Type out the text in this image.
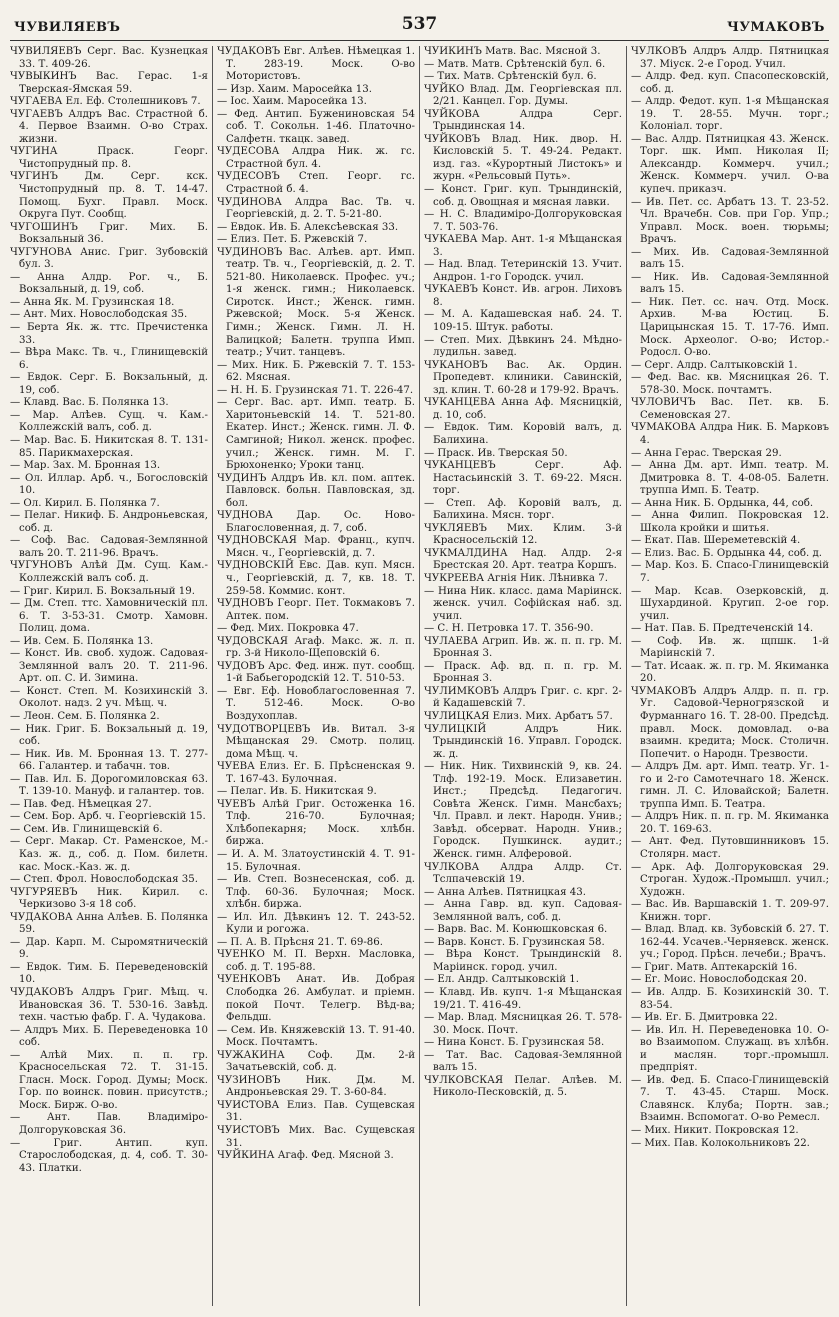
ЧУВИЛЯЕВЪ	537	ЧУМАКОВЪ

ЧУВИЛЯЕВЪ Серг. Вас. Кузнецкая 33. Т. 409-26.

ЧУВЫКИНЪ Вас. Герас. 1-я Тверская-Ямская 59.

ЧУГАЕВА Ел. Еф. Столешниковъ 7.

ЧУГАЕВЪ Алдръ Вас. Страстной б. 4. Первое Взаимн. О-во Страх. жизни.

ЧУГИНА Праск. Георг. Чистопрудный пр. 8.

ЧУГИНЪ Дм. Серг. кск. Чистопрудный пр. 8. Т. 14-47. Помощ. Бухг. Правл. Моск. Округа Пут. Сообщ.

ЧУГОШИНЪ Григ. Мих. Б. Вокзальный 36.

ЧУГУНОВА Анис. Григ. Зубовскій бул. 3.

— Анна Алдр. Рог. ч., Б. Вокзальный, д. 19, соб.

— Анна Як. М. Грузинская 18.

— Ант. Мих. Новослободская 35.

— Берта Як. ж. ттс. Пречистенка 33.

— Вѣра Макс. Тв. ч., Глинищевскій 6.

— Евдок. Серг. Б. Вокзальный, д. 19, соб.

— Клавд. Вас. Б. Полянка 13.

— Мар. Алѣев. Сущ. ч. Кам.-Коллежскій валъ, соб. д.

— Мар. Вас. Б. Никитская 8. Т. 131-85. Парикмахерская.

— Мар. Зах. М. Бронная 13.

— Ол. Иллар. Арб. ч., Богословскій 10.

— Ол. Кирил. Б. Полянка 7.

— Пелаг. Никиф. Б. Андроньевская, соб. д.

— Соф. Вас. Садовая-Землянной валъ 20. Т. 211-96. Врачъ.

ЧУГУНОВЪ Алѣй Дм. Сущ. Кам.-Коллежскій валъ соб. д.

— Григ. Кирил. Б. Вокзальный 19.

— Дм. Степ. ттс. Хамовническій пл. 6. Т. 3-53-31. Смотр. Хамовн. Полиц. дома.

— Ив. Сем. Б. Полянка 13.

— Конст. Ив. своб. худож. Садовая-Землянной валъ 20. Т. 211-96. Арт. оп. С. И. Зимина.

— Конст. Степ. М. Козихинскій 3. Околот. надз. 2 уч. Мѣщ. ч.

— Леон. Сем. Б. Полянка 2.

— Ник. Григ. Б. Вокзальный д. 19, соб.

— Ник. Ив. М. Бронная 13. Т. 277-66. Галантер. и табачн. тов.

— Пав. Ил. Б. Дорогомиловская 63. Т. 139-10. Мануф. и галантер. тов.

— Пав. Фед. Нѣмецкая 27.

— Сем. Бор. Арб. ч. Георгіевскій 15.

— Сем. Ив. Глинищевскій 6.

— Серг. Макар. Ст. Раменское, М.-Каз. ж. д., соб. д. Пом. билетн. кас. Моск.-Каз. ж. д.

— Степ. Фрол. Новослободская 35.

ЧУГУРЯЕВЪ Ник. Кирил. с. Черкизово 3-я 18 соб.

ЧУДАКОВА Анна Алѣев. Б. Полянка 59.

— Дар. Карп. М. Сыромятническій 9.

— Евдок. Тим. Б. Переведеновскій 10.

ЧУДАКОВЪ Алдръ Григ. Мѣщ. ч. Ивановская 36. Т. 530-16. Завѣд. техн. частью фабр. Г. А. Чудакова.

— Алдръ Мих. Б. Переведеновка 10 соб.

— Алѣй Мих. п. п. гр. Красносельская 72. Т. 31-15. Гласн. Моск. Город. Думы; Моск. Гор. по воинск. повин. присутств.; Моск. Бирж. О-во.

— Ант. Пав. Владиміро-Долгоруковская 36.

— Григ. Антип. куп. Старослободская, д. 4, соб. Т. 30-43. Платки.

ЧУДАКОВЪ Евг. Алѣев. Нѣмецкая 1. Т. 283-19. Моск. О-во Мотористовъ.

— Изр. Хаим. Маросейка 13.

— Іос. Хаим. Маросейка 13.

— Фед. Антип. Бужениновская 54 соб. Т. Сокольн. 1-46. Платочно-Салфетн. ткацк. завед.

ЧУДЕСОВА Алдра Ник. ж. гс. Страстной бул. 4.

ЧУДЕСОВЪ Степ. Георг. гс. Страстной б. 4.

ЧУДИНОВА Алдра Вас. Тв. ч. Георгіевскій, д. 2. Т. 5-21-80.

— Евдок. Ив. Б. Алексѣевская 33.

— Елиз. Пет. Б. Ржевскій 7.

ЧУДИНОВЪ Вас. Алѣев. арт. Имп. театр. Тв. ч., Георгіевскій, д. 2. Т. 521-80. Николаевск. Профес. уч.; 1-я женск. гимн.; Николаевск. Сиротск. Инст.; Женск. гимн. Ржевской; Моск. 5-я Женск. Гимн.; Женск. Гимн. Л. Н. Валицкой; Балетн. труппа Имп. театр.; Учит. танцевъ.

— Мих. Ник. Б. Ржевскій 7. Т. 153-62. Мясная.

— Н. Н. Б. Грузинская 71. Т. 226-47.

— Серг. Вас. арт. Имп. театр. Б. Харитоньевскій 14. Т. 521-80. Екатер. Инст.; Женск. гимн. Л. Ф. Самгиной; Никол. женск. профес. учил.; Женск. гимн. М. Г. Брюхоненко; Уроки танц.

ЧУДИНЪ Алдръ Ив. кл. пом. аптек. Павловск. больн. Павловская, зд. бол.

ЧУДНОВА Дар. Ос. Ново-Благословенная, д. 7, соб.

ЧУДНОВСКАЯ Мар. Франц., купч. Мясн. ч., Георгіевскій, д. 7.

ЧУДНОВСКІЙ Евс. Дав. куп. Мясн. ч., Георгіевскій, д. 7, кв. 18. Т. 259-58. Коммис. конт.

ЧУДНОВЪ Георг. Пет. Токмаковъ 7. Аптек. пом.

— Фед. Мих. Покровка 47.

ЧУДОВСКАЯ Агаф. Макс. ж. л. п. гр. 3-й Николо-Щеповскій 6.

ЧУДОВЪ Арс. Фед. инж. пут. сообщ. 1-й Бабьегородскій 12. Т. 510-53.

— Евг. Еф. Новоблагословенная 7. Т. 512-46. Моск. О-во Воздухоплав.

ЧУДОТВОРЦЕВЪ Ив. Витал. 3-я Мѣщанская 29. Смотр. полиц. дома Мѣщ. ч.

ЧУЕВА Елиз. Ег. Б. Прѣсненская 9. Т. 167-43. Булочная.

— Пелаг. Ив. Б. Никитская 9.

ЧУЕВЪ Алѣй Григ. Остоженка 16. Тлф. 216-70. Булочная; Хлѣбопекарня; Моск. хлѣбн. биржа.

— И. А. М. Златоустинскій 4. Т. 91-15. Булочная.

— Ив. Степ. Вознесенская, соб. д. Тлф. 60-36. Булочная; Моск. хлѣбн. биржа.

— Ил. Ил. Дѣвкинъ 12. Т. 243-52. Кули и рогожа.

— П. А. В. Прѣсня 21. Т. 69-86.

ЧУЕНКО М. П. Верхн. Масловка, соб. д. Т. 195-88.

ЧУЕНКОВЪ Анат. Ив. Добрая Слободка 26. Амбулат. и пріемн. покой Почт. Телегр. Вѣд-ва; Фельдш.

— Сем. Ив. Княжевскій 13. Т. 91-40. Моск. Почтамтъ.

ЧУЖАКИНА Соф. Дм. 2-й Зачатьевскій, соб. д.

ЧУЗИНОВЪ Ник. Дм. М. Андроньевская 29. Т. 3-60-84.

ЧУИСТОВА Елиз. Пав. Сущевская 31.

ЧУИСТОВЪ Мих. Вас. Сущевская 31.

ЧУЙКИНА Агаф. Фед. Мясной 3.

ЧУЙКИНЪ Матв. Вас. Мясной 3.

— Матв. Матв. Срѣтенскій бул. 6.

— Тих. Матв. Срѣтенскій бул. 6.

ЧУЙКО Влад. Дм. Георгіевская пл. 2/21. Канцел. Гор. Думы.

ЧУЙКОВА Алдра Серг. Трындинская 14.

ЧУЙКОВЪ Влад. Ник. двор. Н. Кисловскій 5. Т. 49-24. Редакт. изд. газ. «Курортный Листокъ» и журн. «Рельсовый Путь».

— Конст. Григ. куп. Трындинскій, соб. д. Овощная и мясная лавки.

— Н. С. Владиміро-Долгоруковская 7. Т. 503-76.

ЧУКАЕВА Мар. Ант. 1-я Мѣщанская 3.

— Над. Влад. Тетеринскій 13. Учит. Андрон. 1-го Городск. учил.

ЧУКАЕВЪ Конст. Ив. агрон. Лиховъ 8.

— М. А. Кадашевская наб. 24. Т. 109-15. Штук. работы.

— Степ. Мих. Дѣвкинъ 24. Мѣдно-лудильн. завед.

ЧУКАНОВЪ Вас. Ак. Ордин. Пропедевт. клиники. Савинскій, зд. клин. Т. 60-28 и 179-92. Врачъ.

ЧУКАНЦЕВА Анна Аф. Мясницкій, д. 10, соб.

— Евдок. Тим. Коровій валъ, д. Балихина.

— Праск. Ив. Тверская 50.

ЧУКАНЦЕВЪ Серг. Аф. Настасьинскій 3. Т. 69-22. Мясн. торг.

— Степ. Аф. Коровій валъ, д. Балихина. Мясн. торг.

ЧУКЛЯЕВЪ Мих. Клим. 3-й Красносельскій 12.

ЧУКМАЛДИНА Над. Алдр. 2-я Брестская 20. Арт. театра Коршъ.

ЧУКРЕЕВА Агнія Ник. Лѣнивка 7.

— Нина Ник. класс. дама Маріинск. женск. учил. Софійская наб. зд. учил.

— С. Н. Петровка 17. Т. 356-90.

ЧУЛАЕВА Агрип. Ив. ж. п. п. гр. М. Бронная 3.

— Праск. Аф. вд. п. п. гр. М. Бронная 3.

ЧУЛИМКОВЪ Алдръ Григ. с. крг. 2-й Кадашевскій 7.

ЧУЛИЦКАЯ Елиз. Мих. Арбатъ 57.

ЧУЛИЦКІЙ Алдръ Ник. Трындинскій 16. Управл. Городск. ж. д.

— Ник. Ник. Тихвинскій 9, кв. 24. Тлф. 192-19. Моск. Елизаветин. Инст.; Предсѣд. Педагогич. Совѣта Женск. Гимн. Мансбахъ; Чл. Правл. и лект. Народн. Унив.; Завѣд. обсерват. Народн. Унив.; Городск. Пушкинск. аудит.; Женск. гимн. Алферовой.

ЧУЛКОВА Алдра Алдр. Ст. Тслпачевскій 19.

— Анна Алѣев. Пятницкая 43.

— Анна Гавр. вд. куп. Садовая-Землянной валъ, соб. д.

— Варв. Вас. М. Конюшковская 6.

— Варв. Конст. Б. Грузинская 58.

— Вѣра Конст. Трындинскій 8. Маріинск. город. учил.

— Ел. Андр. Салтыковскій 1.

— Клавд. Ив. купч. 1-я Мѣщанская 19/21. Т. 416-49.

— Мар. Влад. Мясницкая 26. Т. 578-30. Моск. Почт.

— Нина Конст. Б. Грузинская 58.

— Тат. Вас. Садовая-Землянной валъ 15.

ЧУЛКОВСКАЯ Пелаг. Алѣев. М. Николо-Песковскій, д. 5.

ЧУЛКОВЪ Алдръ Алдр. Пятницкая 37. Міуск. 2-е Город. Учил.

— Алдр. Фед. куп. Спасопесковскій, соб. д.

— Алдр. Федот. куп. 1-я Мѣщанская 19. Т. 28-55. Мучн. торг.; Колоніал. торг.

— Вас. Алдр. Пятницкая 43. Женск. Торг. шк. Имп. Николая II; Александр. Коммерч. учил.; Женск. Коммерч. учил. О-ва купеч. приказч.

— Ив. Пет. сс. Арбатъ 13. Т. 23-52. Чл. Врачебн. Сов. при Гор. Упр.; Управл. Моск. воен. тюрьмы; Врачъ.

— Мих. Ив. Садовая-Землянной валъ 15.

— Ник. Ив. Садовая-Землянной валъ 15.

— Ник. Пет. сс. нач. Отд. Моск. Архив. М-ва Юстиц. Б. Царицынская 15. Т. 17-76. Имп. Моск. Археолог. О-во; Истор.-Родосл. О-во.

— Серг. Алдр. Салтыковскій 1.

— Фед. Вас. кв. Мясницкая 26. Т. 578-30. Моск. почтамтъ.

ЧУЛОВИЧЪ Вас. Пет. кв. Б. Семеновская 27.

ЧУМАКОВА Алдра Ник. Б. Марковъ 4.

— Анна Герас. Тверская 29.

— Анна Дм. арт. Имп. театр. М. Дмитровка 8. Т. 4-08-05. Балетн. труппа Имп. Б. Театр.

— Анна Ник. Б. Ордынка, 44, соб.

— Анна Филип. Покровская 12. Школа кройки и шитья.

— Екат. Пав. Шереметевскій 4.

— Елиз. Вас. Б. Ордынка 44, соб. д.

— Мар. Коз. Б. Спасо-Глинищевскій 7.

— Мар. Ксав. Озерковскій, д. Шухардиной. Кругип. 2-ое гор. учил.

— Нат. Пав. Б. Предтеченскій 14.

— Соф. Ив. ж. щпшк. 1-й Маріинскій 7.

— Тат. Исаак. ж. п. гр. М. Якиманка 20.

ЧУМАКОВЪ Алдръ Алдр. п. п. гр. Уг. Садовой-Черногрязской и Фурманнаго 16. Т. 28-00. Предсѣд. правл. Моск. домовлад. о-ва взаимн. кредита; Моск. Столичн. Попечит. о Народн. Трезвости.

— Алдръ Дм. арт. Имп. театр. Уг. 1-го и 2-го Самотечнаго 18. Женск. гимн. Л. С. Иловайской; Балетн. труппа Имп. Б. Театра.

— Алдръ Ник. п. п. гр. М. Якиманка 20. Т. 169-63.

— Ант. Фед. Путовшинниковъ 15. Столярн. маст.

— Арк. Аф. Долгоруковская 29. Строган. Худож.-Промышл. учил.; Художн.

— Вас. Ив. Варшавскій 1. Т. 209-97. Книжн. торг.

— Влад. Влад. кв. Зубовскій б. 27. Т. 162-44. Усачев.-Черняевск. женск. уч.; Город. Прѣсн. лечеби.; Врачъ.

— Григ. Матв. Аптекарскій 16.

— Ег. Моис. Новослободская 20.

— Ив. Алдр. Б. Козихинскій 30. Т. 83-54.

— Ив. Ег. Б. Дмитровка 22.

— Ив. Ил. Н. Переведеновка 10. О-во Взаимопом. Служащ. въ хлѣбн. и маслян. торг.-промышл. предпріят.

— Ив. Фед. Б. Спасо-Глинищевскій 7. Т. 43-45. Старш. Моск. Славянск. Клуба; Портн. зав.; Взаимн. Вспомогат. О-во Ремесл.

— Мих. Никит. Покровская 12.

— Мих. Пав. Колокольниковъ 22.
